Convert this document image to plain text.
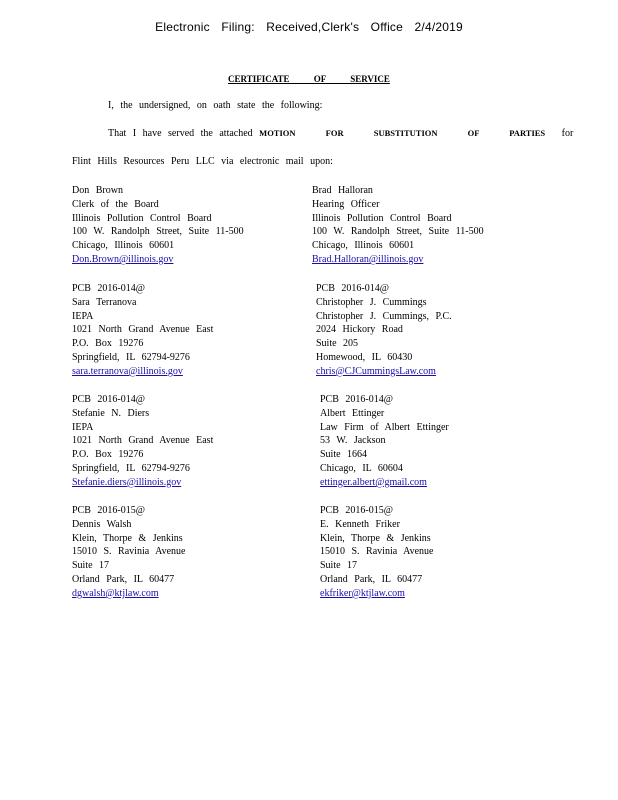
Electronic Filing: Received,Clerk's Office 2/4/2019
CERTIFICATE OF SERVICE
I, the undersigned, on oath state the following:
That I have served the attached MOTION FOR SUBSTITUTION OF PARTIES for
Flint Hills Resources Peru LLC via electronic mail upon:
Don Brown
Clerk of the Board
Illinois Pollution Control Board
100 W. Randolph Street, Suite 11-500
Chicago, Illinois 60601
Don.Brown@illinois.gov
Brad Halloran
Hearing Officer
Illinois Pollution Control Board
100 W. Randolph Street, Suite 11-500
Chicago, Illinois 60601
Brad.Halloran@illinois.gov
PCB 2016-014@
Sara Terranova
IEPA
1021 North Grand Avenue East
P.O. Box 19276
Springfield, IL 62794-9276
sara.terranova@illinois.gov
PCB 2016-014@
Christopher J. Cummings
Christopher J. Cummings, P.C.
2024 Hickory Road
Suite 205
Homewood, IL 60430
chris@CJCummingsLaw.com
PCB 2016-014@
Stefanie N. Diers
IEPA
1021 North Grand Avenue East
P.O. Box 19276
Springfield, IL 62794-9276
Stefanie.diers@illinois.gov
PCB 2016-014@
Albert Ettinger
Law Firm of Albert Ettinger
53 W. Jackson
Suite 1664
Chicago, IL 60604
ettinger.albert@gmail.com
PCB 2016-015@
Dennis Walsh
Klein, Thorpe & Jenkins
15010 S. Ravinia Avenue
Suite 17
Orland Park, IL 60477
dgwalsh@ktjlaw.com
PCB 2016-015@
E. Kenneth Friker
Klein, Thorpe & Jenkins
15010 S. Ravinia Avenue
Suite 17
Orland Park, IL 60477
ekfriker@ktjlaw.com
